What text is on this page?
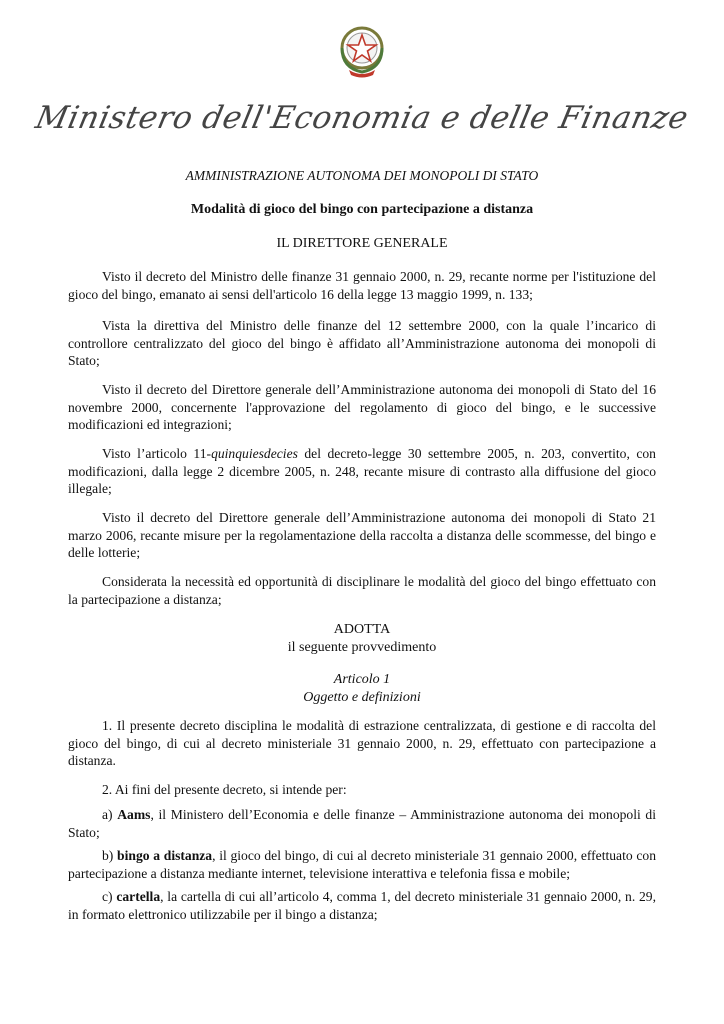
Ministero dell'Economia e delle Finanze
AMMINISTRAZIONE AUTONOMA DEI MONOPOLI DI STATO
Modalità di gioco del bingo con partecipazione a distanza
IL DIRETTORE GENERALE

Visto il decreto del Ministro delle finanze 31 gennaio 2000, n. 29, recante norme per l'istituzione del gioco del bingo, emanato ai sensi dell'articolo 16 della legge 13 maggio 1999, n. 133;

Vista la direttiva del Ministro delle finanze del 12 settembre 2000, con la quale l’incarico di controllore centralizzato del gioco del bingo è affidato all’Amministrazione autonoma dei monopoli di Stato;

Visto il decreto del Direttore generale dell’Amministrazione autonoma dei monopoli di Stato del 16 novembre 2000, concernente l'approvazione del regolamento di gioco del bingo, e le successive modificazioni ed integrazioni;

Visto l’articolo 11-quinquiesdecies del decreto-legge 30 settembre 2005, n. 203, convertito, con modificazioni, dalla legge 2 dicembre 2005, n. 248, recante misure di contrasto alla diffusione del gioco illegale;

Visto il decreto del Direttore generale dell’Amministrazione autonoma dei monopoli di Stato 21 marzo 2006, recante misure per la regolamentazione della raccolta a distanza delle scommesse, del bingo e delle lotterie;

Considerata la necessità ed opportunità di disciplinare le modalità del gioco del bingo effettuato con la partecipazione a distanza;

ADOTTA
il seguente provvedimento
Articolo 1
Oggetto e definizioni

1. Il presente decreto disciplina le modalità di estrazione centralizzata, di gestione e di raccolta del gioco del bingo, di cui al decreto ministeriale 31 gennaio 2000, n. 29, effettuato con partecipazione a distanza.

2. Ai fini del presente decreto, si intende per:

a) Aams, il Ministero dell’Economia e delle finanze – Amministrazione autonoma dei monopoli di Stato;

b) bingo a distanza, il gioco del bingo, di cui al decreto ministeriale 31 gennaio 2000, effettuato con partecipazione a distanza mediante internet, televisione interattiva e telefonia fissa e mobile;

c) cartella, la cartella di cui all’articolo 4, comma 1, del decreto ministeriale 31 gennaio 2000, n. 29, in formato elettronico utilizzabile per il bingo a distanza;
